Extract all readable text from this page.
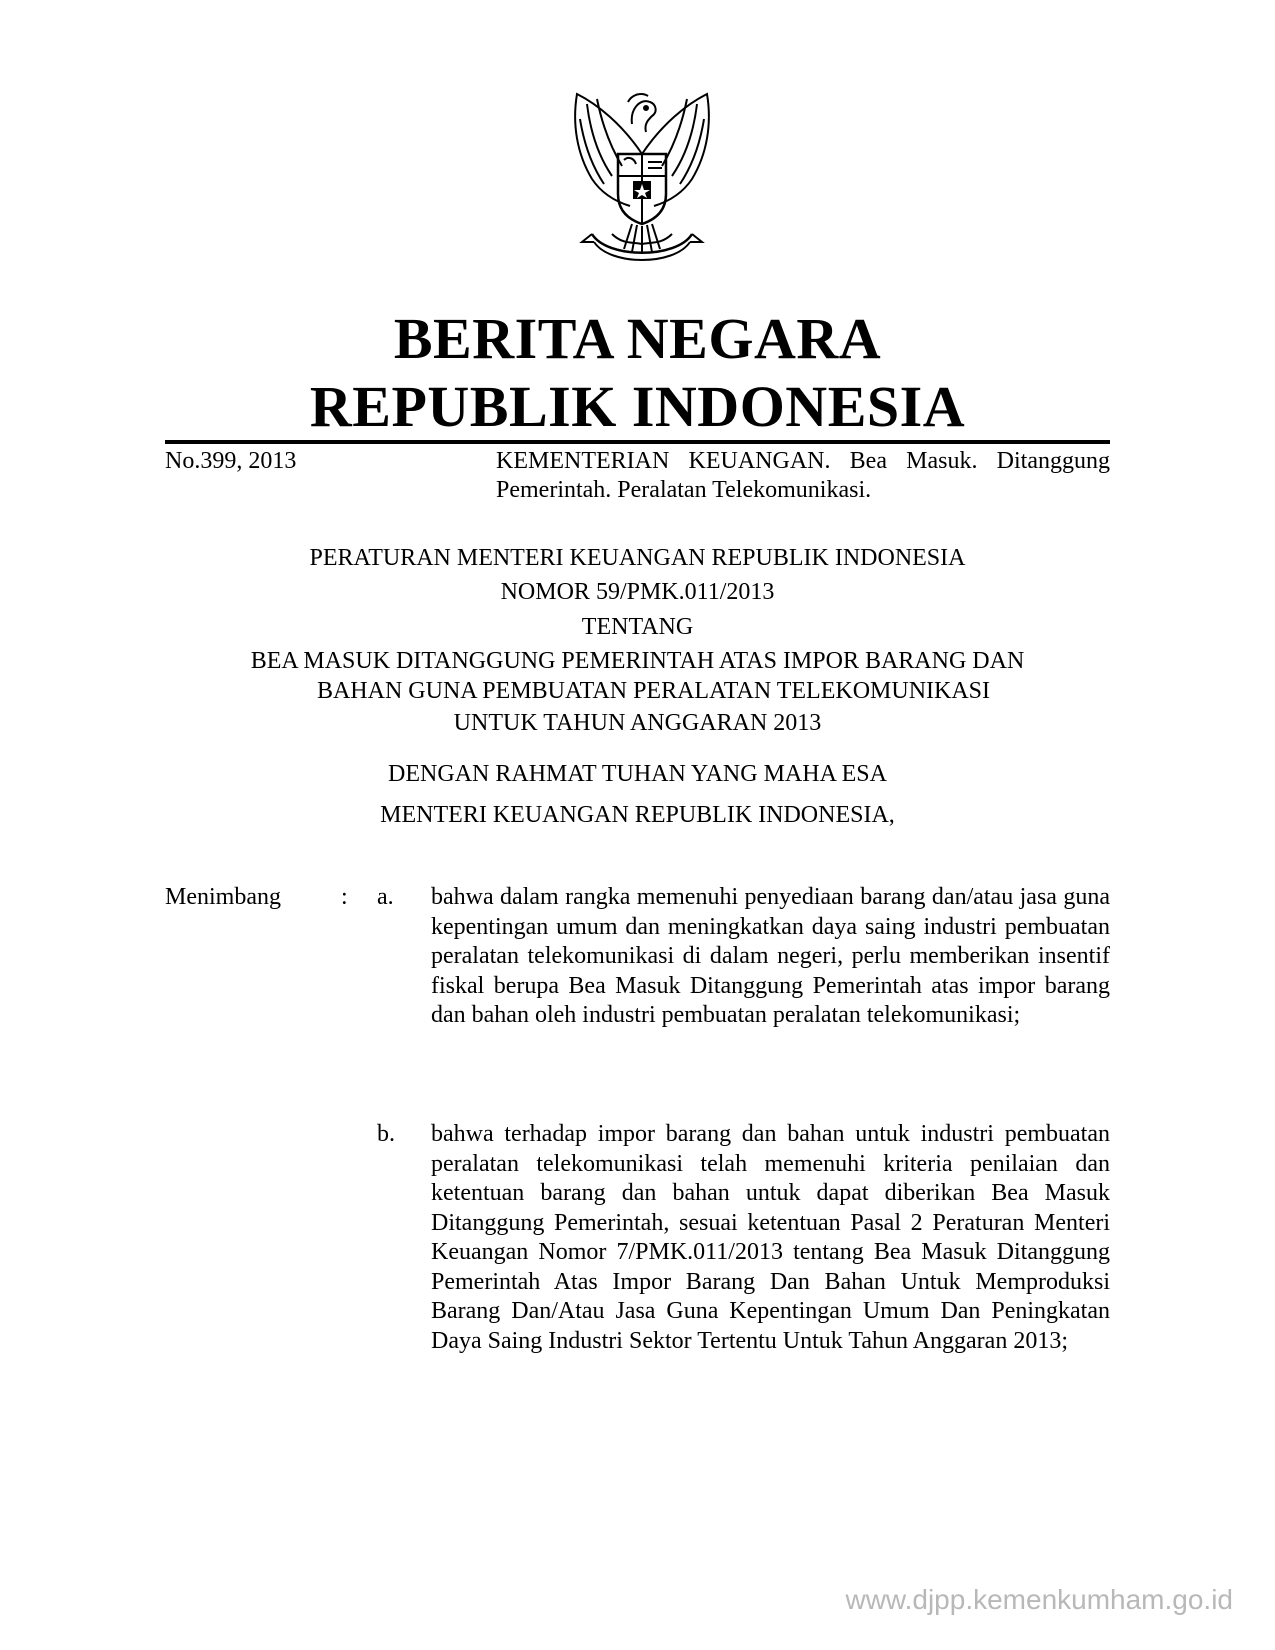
BERITA NEGARA
REPUBLIK INDONESIA
No.399, 2013	KEMENTERIAN KEUANGAN. Bea Masuk. Ditanggung Pemerintah. Peralatan Telekomunikasi.
PERATURAN MENTERI KEUANGAN REPUBLIK INDONESIA
NOMOR 59/PMK.011/2013
TENTANG
BEA MASUK DITANGGUNG PEMERINTAH ATAS IMPOR BARANG DAN
BAHAN GUNA PEMBUATAN PERALATAN TELEKOMUNIKASI
UNTUK TAHUN ANGGARAN 2013
DENGAN RAHMAT TUHAN YANG MAHA ESA
MENTERI KEUANGAN REPUBLIK INDONESIA,
Menimbang	: a. bahwa dalam rangka memenuhi penyediaan barang dan/atau jasa guna kepentingan umum dan meningkatkan daya saing industri pembuatan peralatan telekomunikasi di dalam negeri, perlu memberikan insentif fiskal berupa Bea Masuk Ditanggung Pemerintah atas impor barang dan bahan oleh industri pembuatan peralatan telekomunikasi;
b. bahwa terhadap impor barang dan bahan untuk industri pembuatan peralatan telekomunikasi telah memenuhi kriteria penilaian dan ketentuan barang dan bahan untuk dapat diberikan Bea Masuk Ditanggung Pemerintah, sesuai ketentuan Pasal 2 Peraturan Menteri Keuangan Nomor 7/PMK.011/2013 tentang Bea Masuk Ditanggung Pemerintah Atas Impor Barang Dan Bahan Untuk Memproduksi Barang Dan/Atau Jasa Guna Kepentingan Umum Dan Peningkatan Daya Saing Industri Sektor Tertentu Untuk Tahun Anggaran 2013;
www.djpp.kemenkumham.go.id
